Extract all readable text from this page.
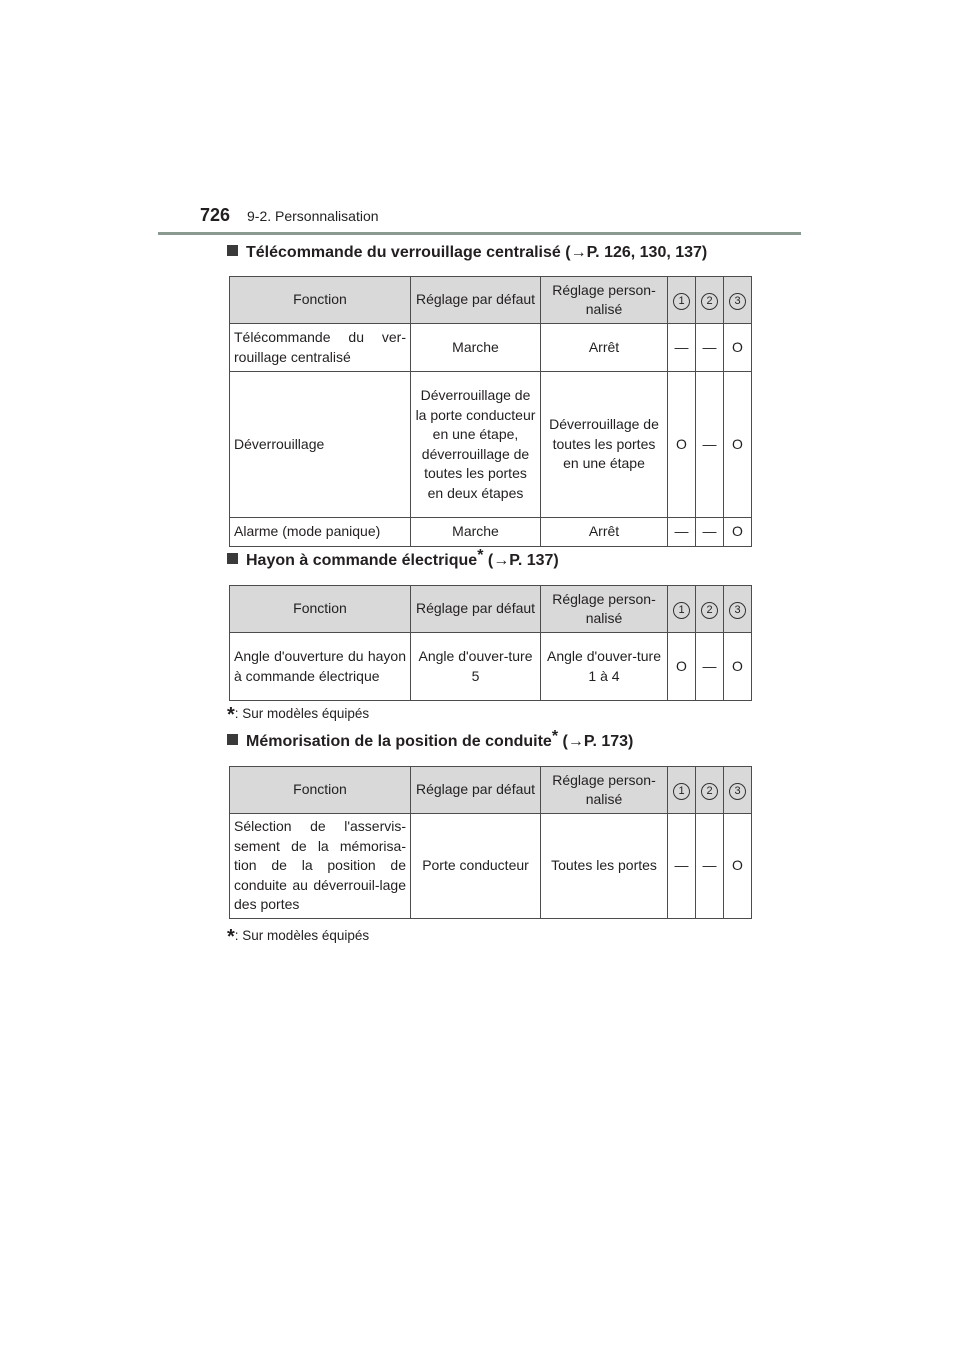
726 9-2. Personnalisation
Télécommande du verrouillage centralisé (→P. 126, 130, 137)
Fonction	Réglage par défaut	Réglage person-nalisé	1	2	3
Télécommande du ver-rouillage centralisé	Marche	Arrêt	—	—	O
Déverrouillage	Déverrouillage de la porte conducteur en une étape, déverrouillage de toutes les portes en deux étapes	Déverrouillage de toutes les portes en une étape	O	—	O
Alarme (mode panique)	Marche	Arrêt	—	—	O
Hayon à commande électrique* (→P. 137)
Fonction	Réglage par défaut	Réglage person-nalisé	1	2	3
Angle d'ouverture du hayon à commande électrique	Angle d'ouver-ture 5	Angle d'ouver-ture 1 à 4	O	—	O
*: Sur modèles équipés
Mémorisation de la position de conduite* (→P. 173)
Fonction	Réglage par défaut	Réglage person-nalisé	1	2	3
Sélection de l'asservis-sement de la mémorisa-tion de la position de conduite au déverrouil-lage des portes	Porte conducteur	Toutes les portes	—	—	O
*: Sur modèles équipés
